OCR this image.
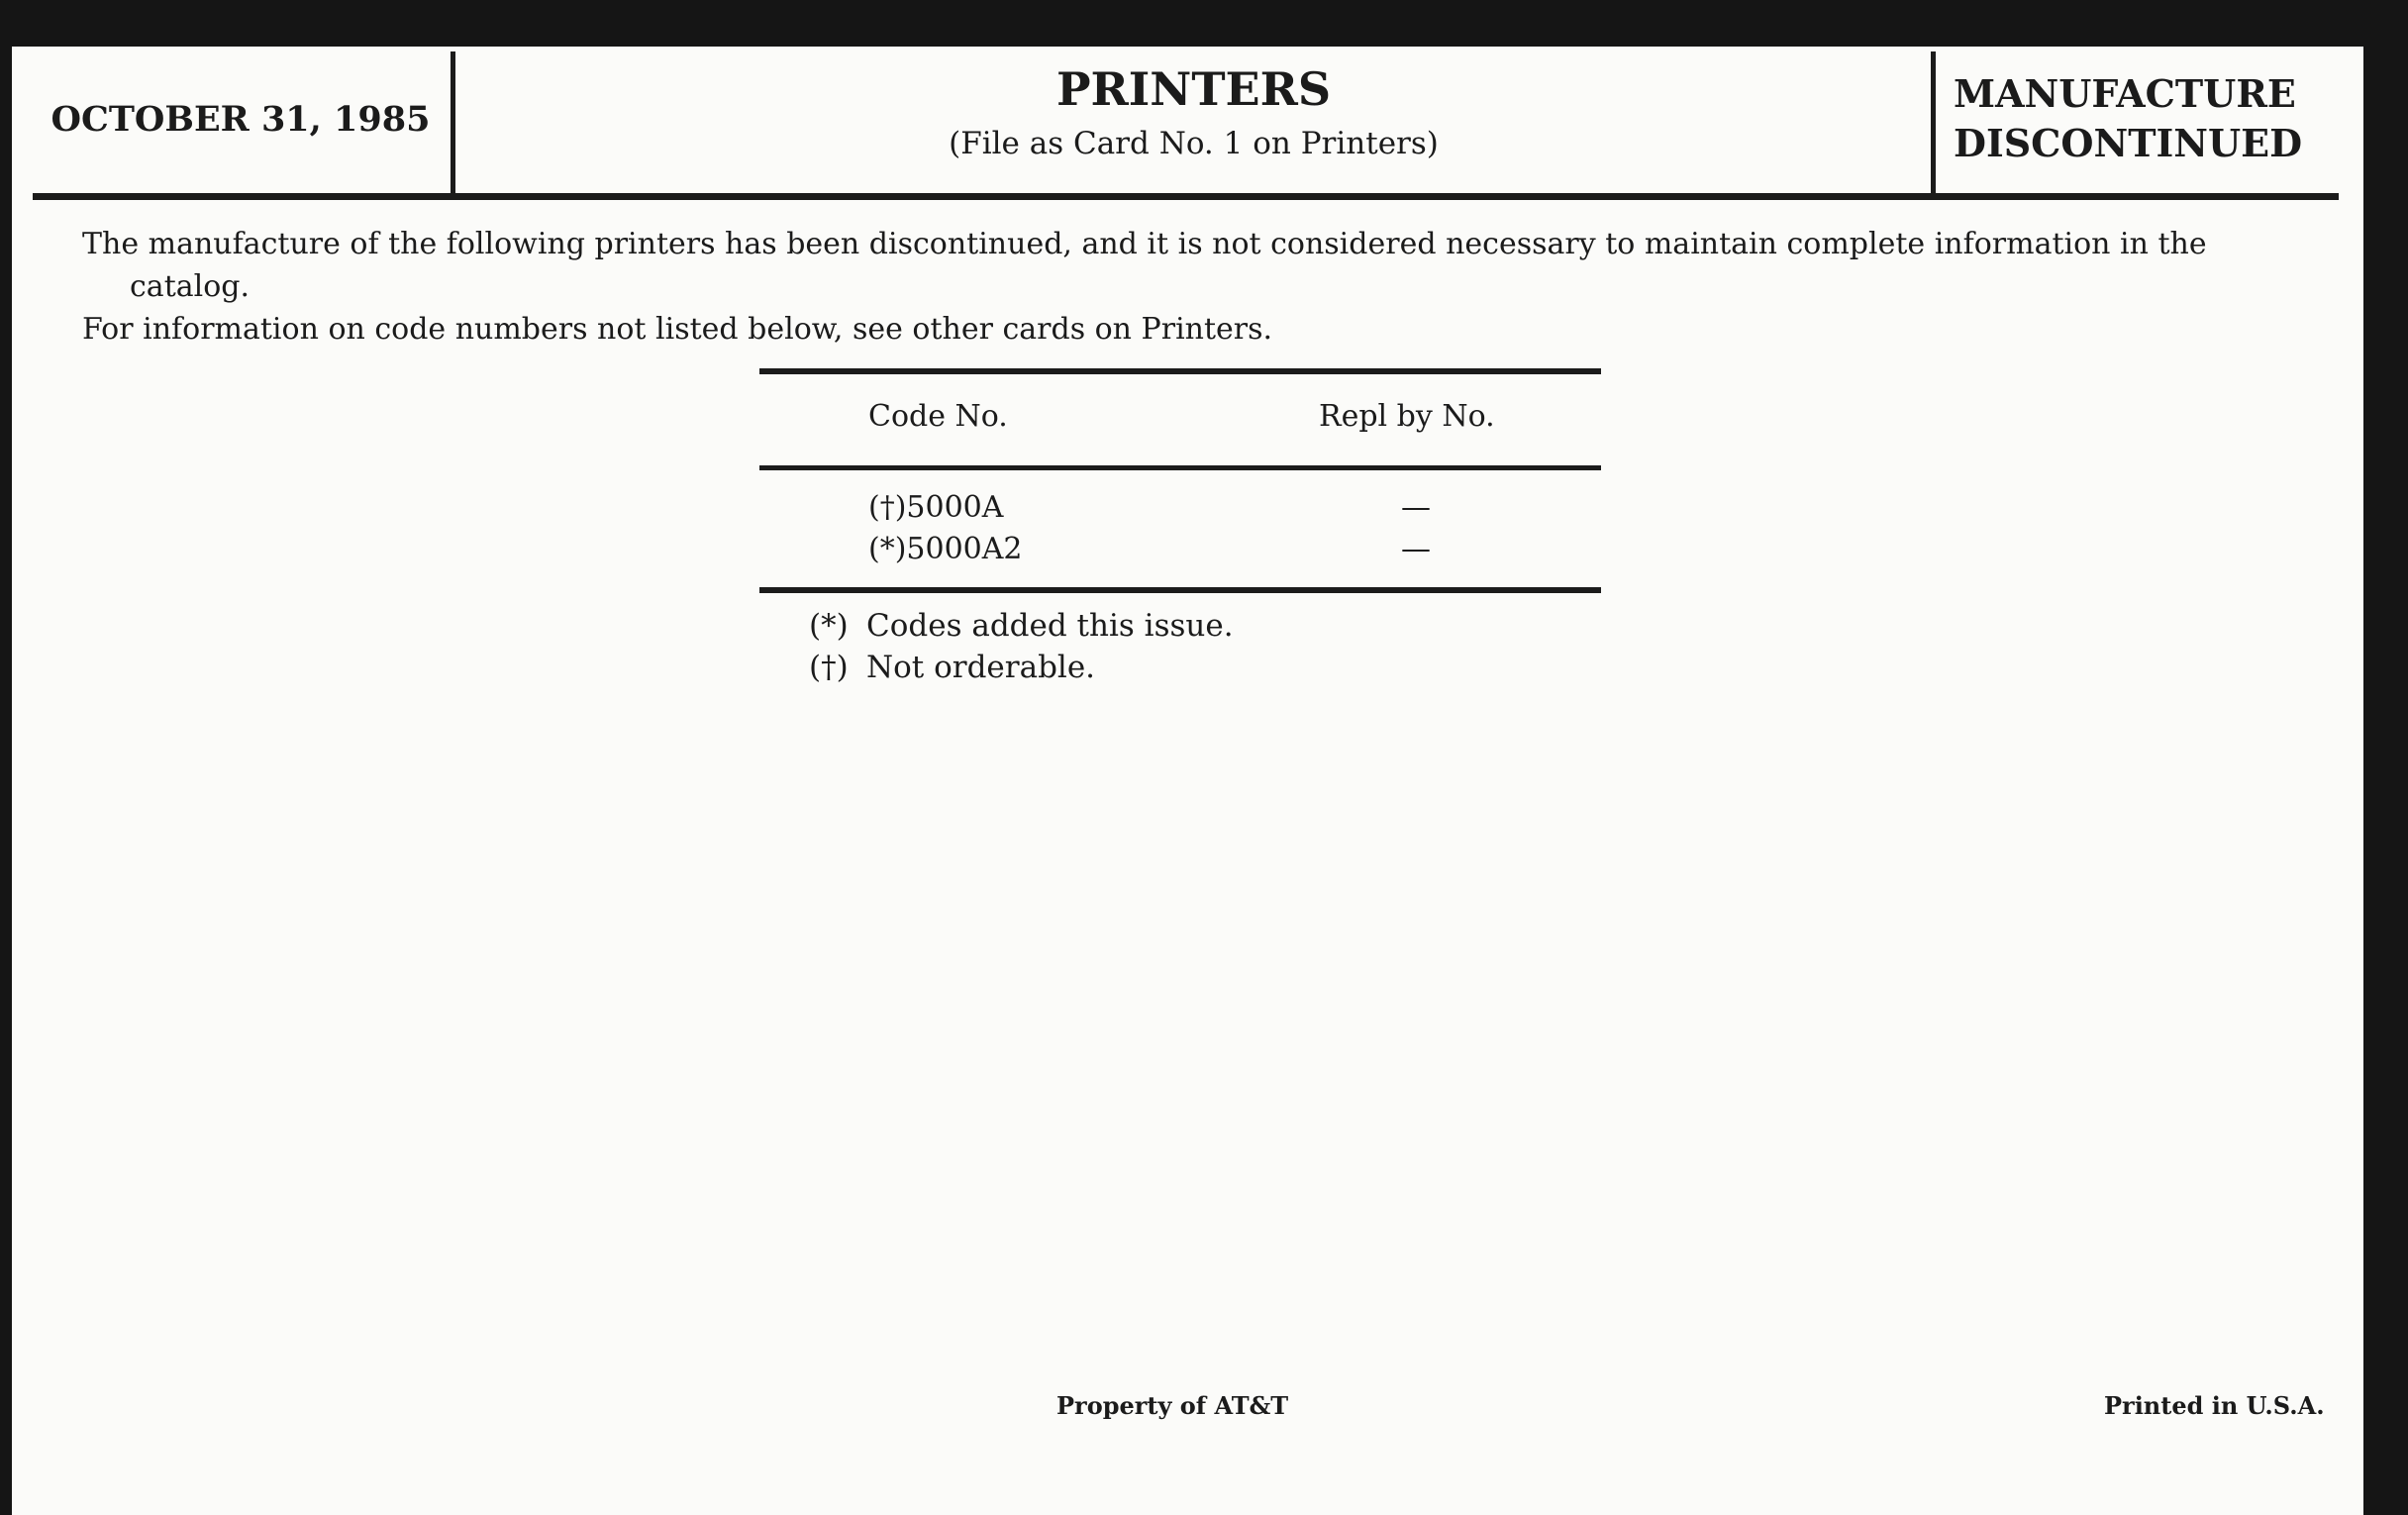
OCTOBER 31, 1985
PRINTERS
(File as Card No. 1 on Printers)
MANUFACTURE
DISCONTINUED

The manufacture of the following printers has been discontinued, and it is not considered necessary to maintain complete information in the catalog.

For information on code numbers not listed below, see other cards on Printers.

Code No.	Repl by No.
(†)5000A	—
(*)5000A2	—
(*) Codes added this issue.
(†) Not orderable.
Property of AT&T	Printed in U.S.A.
